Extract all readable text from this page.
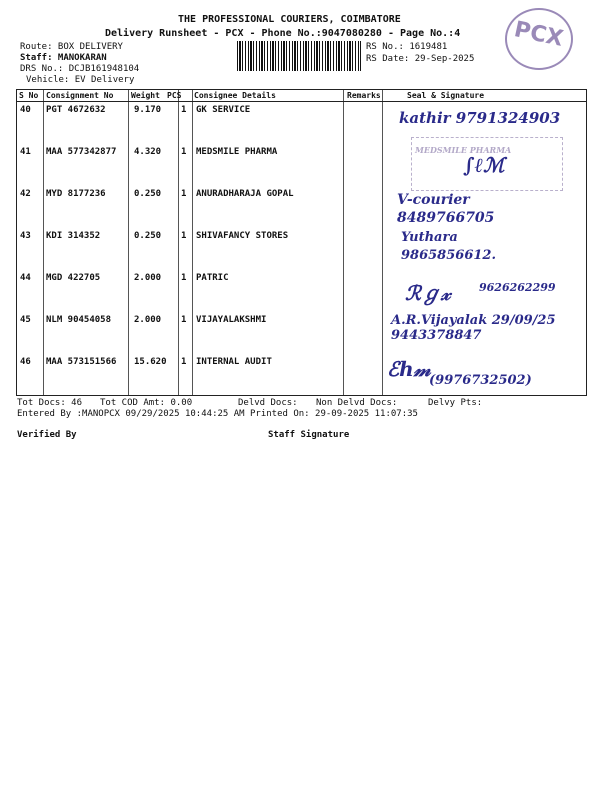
THE PROFESSIONAL COURIERS, COIMBATORE
Delivery Runsheet - PCX - Phone No.:9047080280 - Page No.:4
Route: BOX DELIVERY
Staff: MANOKARAN
DRS No.: DCJB161948104
Vehicle: EV Delivery
RS No.: 1619481
RS Date: 29-Sep-2025
PCX
S No Consignment No Weight PCS Consignee Details	Remarks	Seal & Signature
40 PGT 4672632	9.170 1 GK SERVICE	kathir 9791324903
41 MAA 577342877 4.320 1 MEDSMILE PHARMA	MEDSMILE PHARMA
∫ℓℳ
42 MYD 8177236	0.250 1 ANURADHARAJA GOPAL	V-courier 8489766705
43 KDI 314352	0.250 1 SHIVAFANCY STORES	Yuthara 9865856612.
44 MGD 422705	2.000 1 PATRIC
ℛℊ𝓍	9626262299
45 NLM 90454058	2.000 1 VIJAYALAKSHMI	A.R.Vijayalak 29/09/25 9443378847
46 MAA 573151566 15.620 1 INTERNAL AUDIT	ℰℎ𝓂
(9976732502)
Tot Docs: 46 Tot COD Amt: 0.00	Delvd Docs: Non Delvd Docs:	Delvy Pts:
Entered By :MANOPCX 09/29/2025 10:44:25 AM Printed On: 29-09-2025 11:07:35
Verified By	Staff Signature
